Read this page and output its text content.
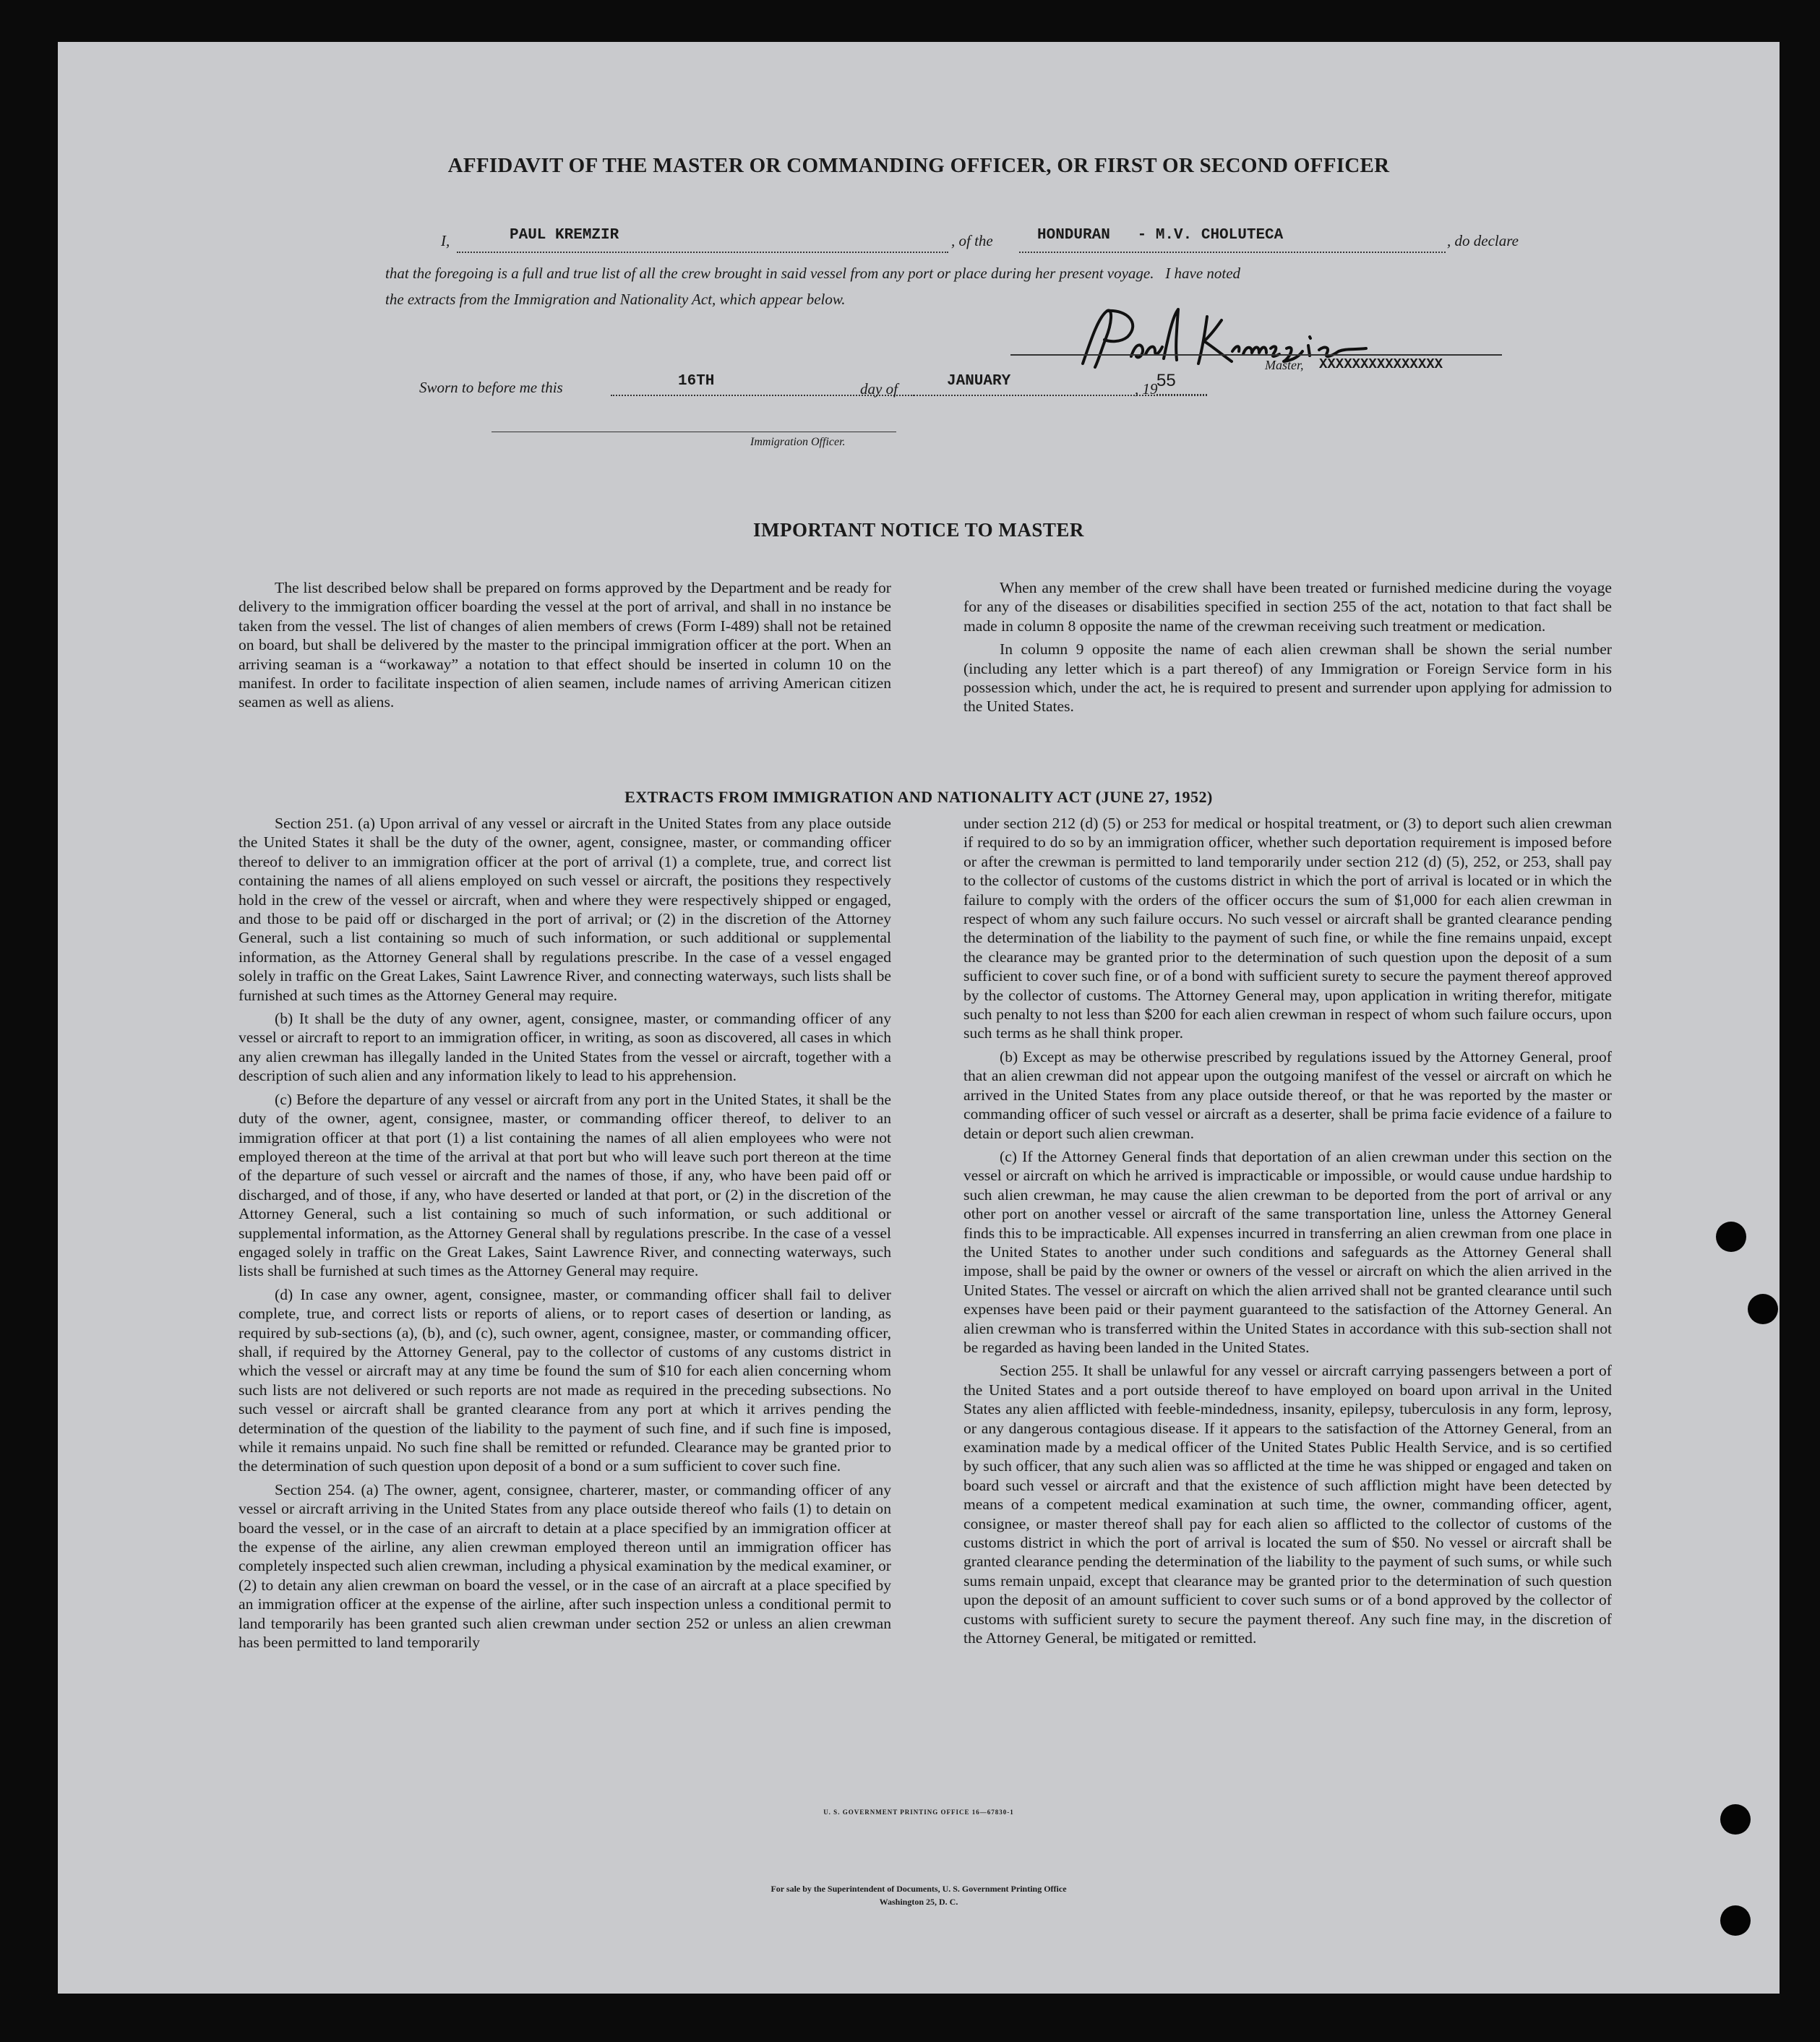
AFFIDAVIT OF THE MASTER OR COMMANDING OFFICER, OR FIRST OR SECOND OFFICER
I,	PAUL KREMZIR	, of the	HONDURAN   - M.V. CHOLUTECA	, do declare
that the foregoing is a full and true list of all the crew brought in said vessel from any port or place during her present voyage.   I have noted
the extracts from the Immigration and Nationality Act, which appear below.
Master, XXXXXXXXXXXXXXX
Sworn to before me this	16TH	day of	JANUARY	, 19
55
Immigration Officer.
IMPORTANT NOTICE TO MASTER

The list described below shall be prepared on forms approved by the Department and be ready for delivery to the immigration officer boarding the vessel at the port of arrival, and shall in no instance be taken from the vessel. The list of changes of alien members of crews (Form I-489) shall not be retained on board, but shall be delivered by the master to the principal immigration officer at the port. When an arriving seaman is a “workaway” a notation to that effect should be inserted in column 10 on the manifest. In order to facilitate inspection of alien seamen, include names of arriving American citizen seamen as well as aliens.

When any member of the crew shall have been treated or furnished medicine during the voyage for any of the diseases or disabilities specified in section 255 of the act, notation to that fact shall be made in column 8 opposite the name of the crewman receiving such treatment or medication.

In column 9 opposite the name of each alien crewman shall be shown the serial number (including any letter which is a part thereof) of any Immigration or Foreign Service form in his possession which, under the act, he is required to present and surrender upon applying for admission to the United States.

EXTRACTS FROM IMMIGRATION AND NATIONALITY ACT (JUNE 27, 1952)

Section 251. (a) Upon arrival of any vessel or aircraft in the United States from any place outside the United States it shall be the duty of the owner, agent, consignee, master, or commanding officer thereof to deliver to an immigration officer at the port of arrival (1) a complete, true, and correct list containing the names of all aliens employed on such vessel or aircraft, the positions they respectively hold in the crew of the vessel or aircraft, when and where they were respectively shipped or engaged, and those to be paid off or discharged in the port of arrival; or (2) in the discretion of the Attorney General, such a list containing so much of such information, or such additional or supplemental information, as the Attorney General shall by regulations prescribe. In the case of a vessel engaged solely in traffic on the Great Lakes, Saint Lawrence River, and connecting waterways, such lists shall be furnished at such times as the Attorney General may require.

(b) It shall be the duty of any owner, agent, consignee, master, or commanding officer of any vessel or aircraft to report to an immigration officer, in writing, as soon as discovered, all cases in which any alien crewman has illegally landed in the United States from the vessel or aircraft, together with a description of such alien and any information likely to lead to his apprehension.

(c) Before the departure of any vessel or aircraft from any port in the United States, it shall be the duty of the owner, agent, consignee, master, or commanding officer thereof, to deliver to an immigration officer at that port (1) a list containing the names of all alien employees who were not employed thereon at the time of the arrival at that port but who will leave such port thereon at the time of the departure of such vessel or aircraft and the names of those, if any, who have been paid off or discharged, and of those, if any, who have deserted or landed at that port, or (2) in the discretion of the Attorney General, such a list containing so much of such information, or such additional or supplemental information, as the Attorney General shall by regulations prescribe. In the case of a vessel engaged solely in traffic on the Great Lakes, Saint Lawrence River, and connecting waterways, such lists shall be furnished at such times as the Attorney General may require.

(d) In case any owner, agent, consignee, master, or commanding officer shall fail to deliver complete, true, and correct lists or reports of aliens, or to report cases of desertion or landing, as required by sub-sections (a), (b), and (c), such owner, agent, consignee, master, or commanding officer, shall, if required by the Attorney General, pay to the collector of customs of any customs district in which the vessel or aircraft may at any time be found the sum of $10 for each alien concerning whom such lists are not delivered or such reports are not made as required in the preceding subsections. No such vessel or aircraft shall be granted clearance from any port at which it arrives pending the determination of the question of the liability to the payment of such fine, and if such fine is imposed, while it remains unpaid. No such fine shall be remitted or refunded. Clearance may be granted prior to the determination of such question upon deposit of a bond or a sum sufficient to cover such fine.

Section 254. (a) The owner, agent, consignee, charterer, master, or commanding officer of any vessel or aircraft arriving in the United States from any place outside thereof who fails (1) to detain on board the vessel, or in the case of an aircraft to detain at a place specified by an immigration officer at the expense of the airline, any alien crewman employed thereon until an immigration officer has completely inspected such alien crewman, including a physical examination by the medical examiner, or (2) to detain any alien crewman on board the vessel, or in the case of an aircraft at a place specified by an immigration officer at the expense of the airline, after such inspection unless a conditional permit to land temporarily has been granted such alien crewman under section 252 or unless an alien crewman has been permitted to land temporarily

under section 212 (d) (5) or 253 for medical or hospital treatment, or (3) to deport such alien crewman if required to do so by an immigration officer, whether such deportation requirement is imposed before or after the crewman is permitted to land temporarily under section 212 (d) (5), 252, or 253, shall pay to the collector of customs of the customs district in which the port of arrival is located or in which the failure to comply with the orders of the officer occurs the sum of $1,000 for each alien crewman in respect of whom any such failure occurs. No such vessel or aircraft shall be granted clearance pending the determination of the liability to the payment of such fine, or while the fine remains unpaid, except the clearance may be granted prior to the determination of such question upon the deposit of a sum sufficient to cover such fine, or of a bond with sufficient surety to secure the payment thereof approved by the collector of customs. The Attorney General may, upon application in writing therefor, mitigate such penalty to not less than $200 for each alien crewman in respect of whom such failure occurs, upon such terms as he shall think proper.

(b) Except as may be otherwise prescribed by regulations issued by the Attorney General, proof that an alien crewman did not appear upon the outgoing manifest of the vessel or aircraft on which he arrived in the United States from any place outside thereof, or that he was reported by the master or commanding officer of such vessel or aircraft as a deserter, shall be prima facie evidence of a failure to detain or deport such alien crewman.

(c) If the Attorney General finds that deportation of an alien crewman under this section on the vessel or aircraft on which he arrived is impracticable or impossible, or would cause undue hardship to such alien crewman, he may cause the alien crewman to be deported from the port of arrival or any other port on another vessel or aircraft of the same transportation line, unless the Attorney General finds this to be impracticable. All expenses incurred in transferring an alien crewman from one place in the United States to another under such conditions and safeguards as the Attorney General shall impose, shall be paid by the owner or owners of the vessel or aircraft on which the alien arrived in the United States. The vessel or aircraft on which the alien arrived shall not be granted clearance until such expenses have been paid or their payment guaranteed to the satisfaction of the Attorney General. An alien crewman who is transferred within the United States in accordance with this sub-section shall not be regarded as having been landed in the United States.

Section 255. It shall be unlawful for any vessel or aircraft carrying passengers between a port of the United States and a port outside thereof to have employed on board upon arrival in the United States any alien afflicted with feeble-mindedness, insanity, epilepsy, tuberculosis in any form, leprosy, or any dangerous contagious disease. If it appears to the satisfaction of the Attorney General, from an examination made by a medical officer of the United States Public Health Service, and is so certified by such officer, that any such alien was so afflicted at the time he was shipped or engaged and taken on board such vessel or aircraft and that the existence of such affliction might have been detected by means of a competent medical examination at such time, the owner, commanding officer, agent, consignee, or master thereof shall pay for each alien so afflicted to the collector of customs of the customs district in which the port of arrival is located the sum of $50. No vessel or aircraft shall be granted clearance pending the determination of the liability to the payment of such sums, or while such sums remain unpaid, except that clearance may be granted prior to the determination of such question upon the deposit of an amount sufficient to cover such sums or of a bond approved by the collector of customs with sufficient surety to secure the payment thereof. Any such fine may, in the discretion of the Attorney General, be mitigated or remitted.

U. S. GOVERNMENT PRINTING OFFICE 16—67830-1
For sale by the Superintendent of Documents, U. S. Government Printing Office
Washington 25, D. C.
